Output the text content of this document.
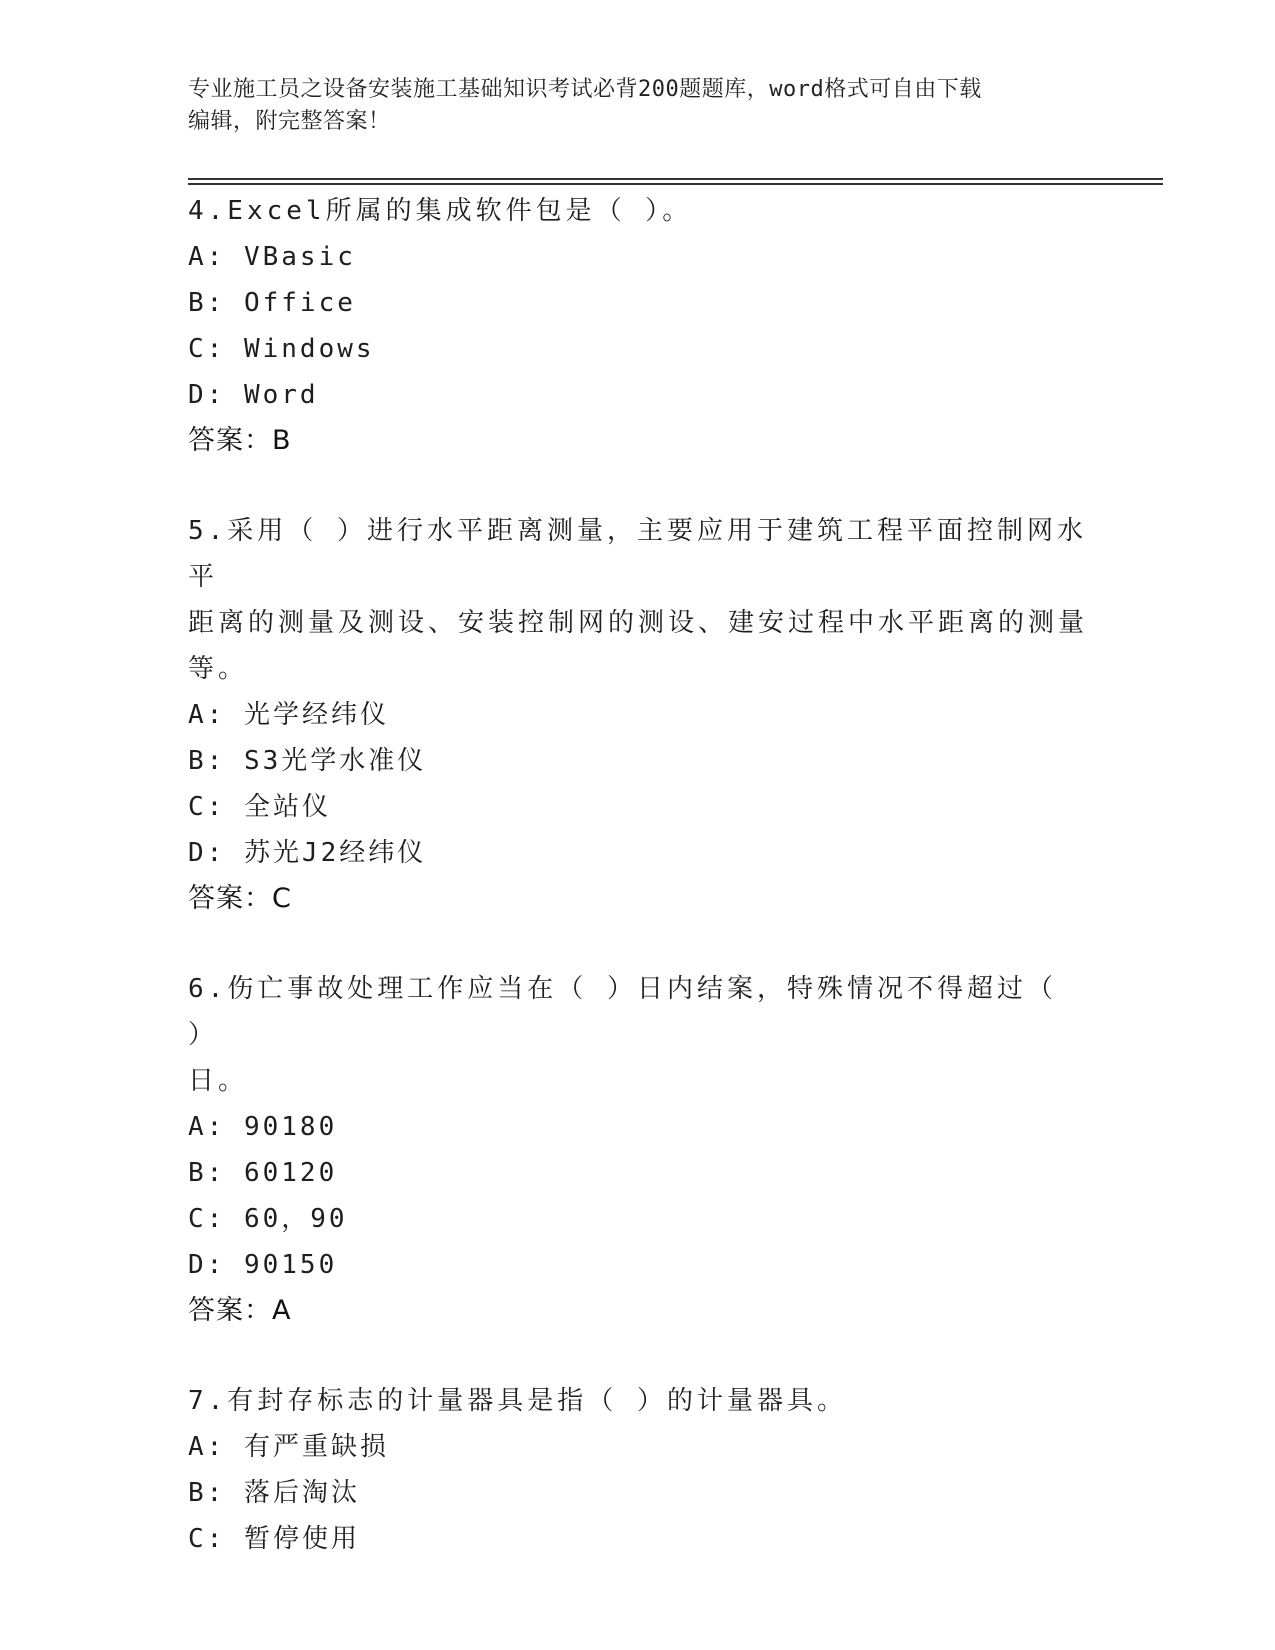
专业施工员之设备安装施工基础知识考试必背200题题库，word格式可自由下载
编辑，附完整答案！
4.Excel所属的集成软件包是（ ）。
A: VBasic
B: Office
C: Windows
D: Word
答案：B
5.采用（ ）进行水平距离测量，主要应用于建筑工程平面控制网水平
距离的测量及测设、安装控制网的测设、建安过程中水平距离的测量
等。
A: 光学经纬仪
B: S3光学水准仪
C: 全站仪
D: 苏光J2经纬仪
答案：C
6.伤亡事故处理工作应当在（ ）日内结案，特殊情况不得超过（ ）
日。
A: 90180
B: 60120
C: 60，90
D: 90150
答案：A
7.有封存标志的计量器具是指（ ）的计量器具。
A: 有严重缺损
B: 落后淘汰
C: 暂停使用
